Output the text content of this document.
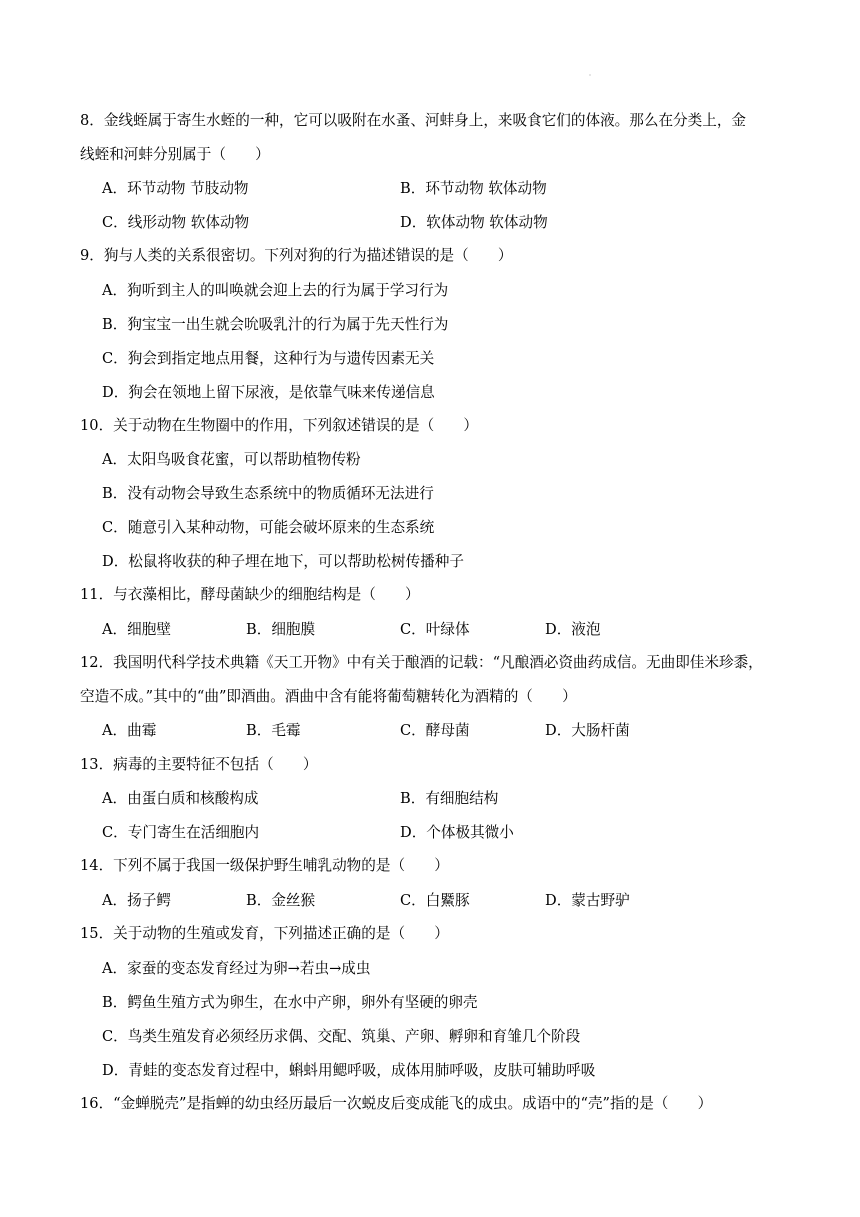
8．金线蛭属于寄生水蛭的一种，它可以吸附在水蚤、河蚌身上，来吸食它们的体液。那么在分类上，金
线蛭和河蚌分别属于（　　）
A．环节动物 节肢动物	B．环节动物 软体动物
C．线形动物 软体动物	D．软体动物 软体动物
9．狗与人类的关系很密切。下列对狗的行为描述错误的是（　　）
A．狗听到主人的叫唤就会迎上去的行为属于学习行为
B．狗宝宝一出生就会吮吸乳汁的行为属于先天性行为
C．狗会到指定地点用餐，这种行为与遗传因素无关
D．狗会在领地上留下尿液，是依靠气味来传递信息
10．关于动物在生物圈中的作用，下列叙述错误的是（　　）
A．太阳鸟吸食花蜜，可以帮助植物传粉
B．没有动物会导致生态系统中的物质循环无法进行
C．随意引入某种动物，可能会破坏原来的生态系统
D．松鼠将收获的种子埋在地下，可以帮助松树传播种子
11．与衣藻相比，酵母菌缺少的细胞结构是（　　）
A．细胞壁	B．细胞膜	C．叶绿体	D．液泡
12．我国明代科学技术典籍《天工开物》中有关于酿酒的记载：“凡酿酒必资曲药成信。无曲即佳米珍黍，
空造不成。”其中的“曲”即酒曲。酒曲中含有能将葡萄糖转化为酒精的（　　）
A．曲霉	B．毛霉	C．酵母菌	D．大肠杆菌
13．病毒的主要特征不包括（　　）
A．由蛋白质和核酸构成	B．有细胞结构
C．专门寄生在活细胞内	D．个体极其微小
14．下列不属于我国一级保护野生哺乳动物的是（　　）
A．扬子鳄	B．金丝猴	C．白鱀豚	D．蒙古野驴
15．关于动物的生殖或发育，下列描述正确的是（　　）
A．家蚕的变态发育经过为卵→若虫→成虫
B．鳄鱼生殖方式为卵生，在水中产卵，卵外有坚硬的卵壳
C．鸟类生殖发育必须经历求偶、交配、筑巢、产卵、孵卵和育雏几个阶段
D．青蛙的变态发育过程中，蝌蚪用鳃呼吸，成体用肺呼吸，皮肤可辅助呼吸
16．“金蝉脱壳”是指蝉的幼虫经历最后一次蜕皮后变成能飞的成虫。成语中的“壳”指的是（　　）
